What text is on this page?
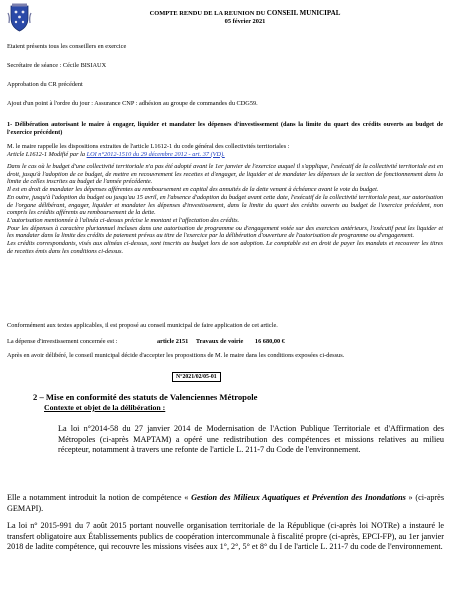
COMPTE RENDU DE LA REUNION DU CONSEIL MUNICIPAL
05 février 2021
Etaient présents tous les conseillers en exercice
Secrétaire de séance : Cécile BISIAUX
Approbation du CR précédent
Ajout d'un point à l'ordre du jour : Assurance CNP : adhésion au groupe de commandes du CDG59.
1- Délibération autorisant le maire à engager, liquider et mandater les dépenses d'investissement (dans la limite du quart des crédits ouverts au budget de l'exercice précédent)
M. le maire rappelle les dispositions extraites de l'article L1612-1 du code général des collectivités territoriales :
Article L1612-1 Modifié par la LOI n°2012-1510 du 29 décembre 2012 - art. 37 (VD).
Dans le cas où le budget d'une collectivité territoriale n'a pas été adopté avant le 1er janvier de l'exercice auquel il s'applique, l'exécutif de la collectivité territoriale est en droit, jusqu'à l'adoption de ce budget, de mettre en recouvrement les recettes et d'engager, de liquider et de mandater les dépenses de la section de fonctionnement dans la limite de celles inscrites au budget de l'année précédente.
Il est en droit de mandater les dépenses afférentes au remboursement en capital des annuités de la dette venant à échéance avant le vote du budget.
En outre, jusqu'à l'adoption du budget ou jusqu'au 15 avril, en l'absence d'adoption du budget avant cette date, l'exécutif de la collectivité territoriale peut, sur autorisation de l'organe délibérant, engager, liquider et mandater les dépenses d'investissement, dans la limite du quart des crédits ouverts au budget de l'exercice précédent, non compris les crédits afférents au remboursement de la dette.
L'autorisation mentionnée à l'alinéa ci-dessus précise le montant et l'affectation des crédits.
Pour les dépenses à caractère pluriannuel incluses dans une autorisation de programme ou d'engagement votée sur des exercices antérieurs, l'exécutif peut les liquider et les mandater dans la limite des crédits de paiement prévus au titre de l'exercice par la délibération d'ouverture de l'autorisation de programme ou d'engagement.
Les crédits correspondants, visés aux alinéas ci-dessus, sont inscrits au budget lors de son adoption. Le comptable est en droit de payer les mandats et recouvrer les titres de recettes émis dans les conditions ci-dessus.
Conformément aux textes applicables, il est proposé au conseil municipal de faire application de cet article.
La dépense d'investissement concernée est :	article 2151 Travaux de voirie 16 680,00 €
Après en avoir délibéré, le conseil municipal décide d'accepter les propositions de M. le maire dans les conditions exposées ci-dessus.
N°2021/02/05-01
2 – Mise en conformité des statuts de Valenciennes Métropole
Contexte et objet de la délibération :
La loi n°2014-58 du 27 janvier 2014 de Modernisation de l'Action Publique Territoriale et d'Affirmation des Métropoles (ci-après MAPTAM) a opéré une redistribution des compétences et missions relatives au milieu récepteur, notamment à travers une refonte de l'article L. 211-7 du Code de l'environnement.
Elle a notamment introduit la notion de compétence « Gestion des Milieux Aquatiques et Prévention des Inondations » (ci-après GEMAPI).
La loi n° 2015-991 du 7 août 2015 portant nouvelle organisation territoriale de la République (ci-après loi NOTRe) a instauré le transfert obligatoire aux Établissements publics de coopération intercommunale à fiscalité propre (ci-après, EPCI-FP), au 1er janvier 2018 de ladite compétence, qui recouvre les missions visées aux 1°, 2°, 5° et 8° du I de l'article L. 211-7 du code de l'environnement.
